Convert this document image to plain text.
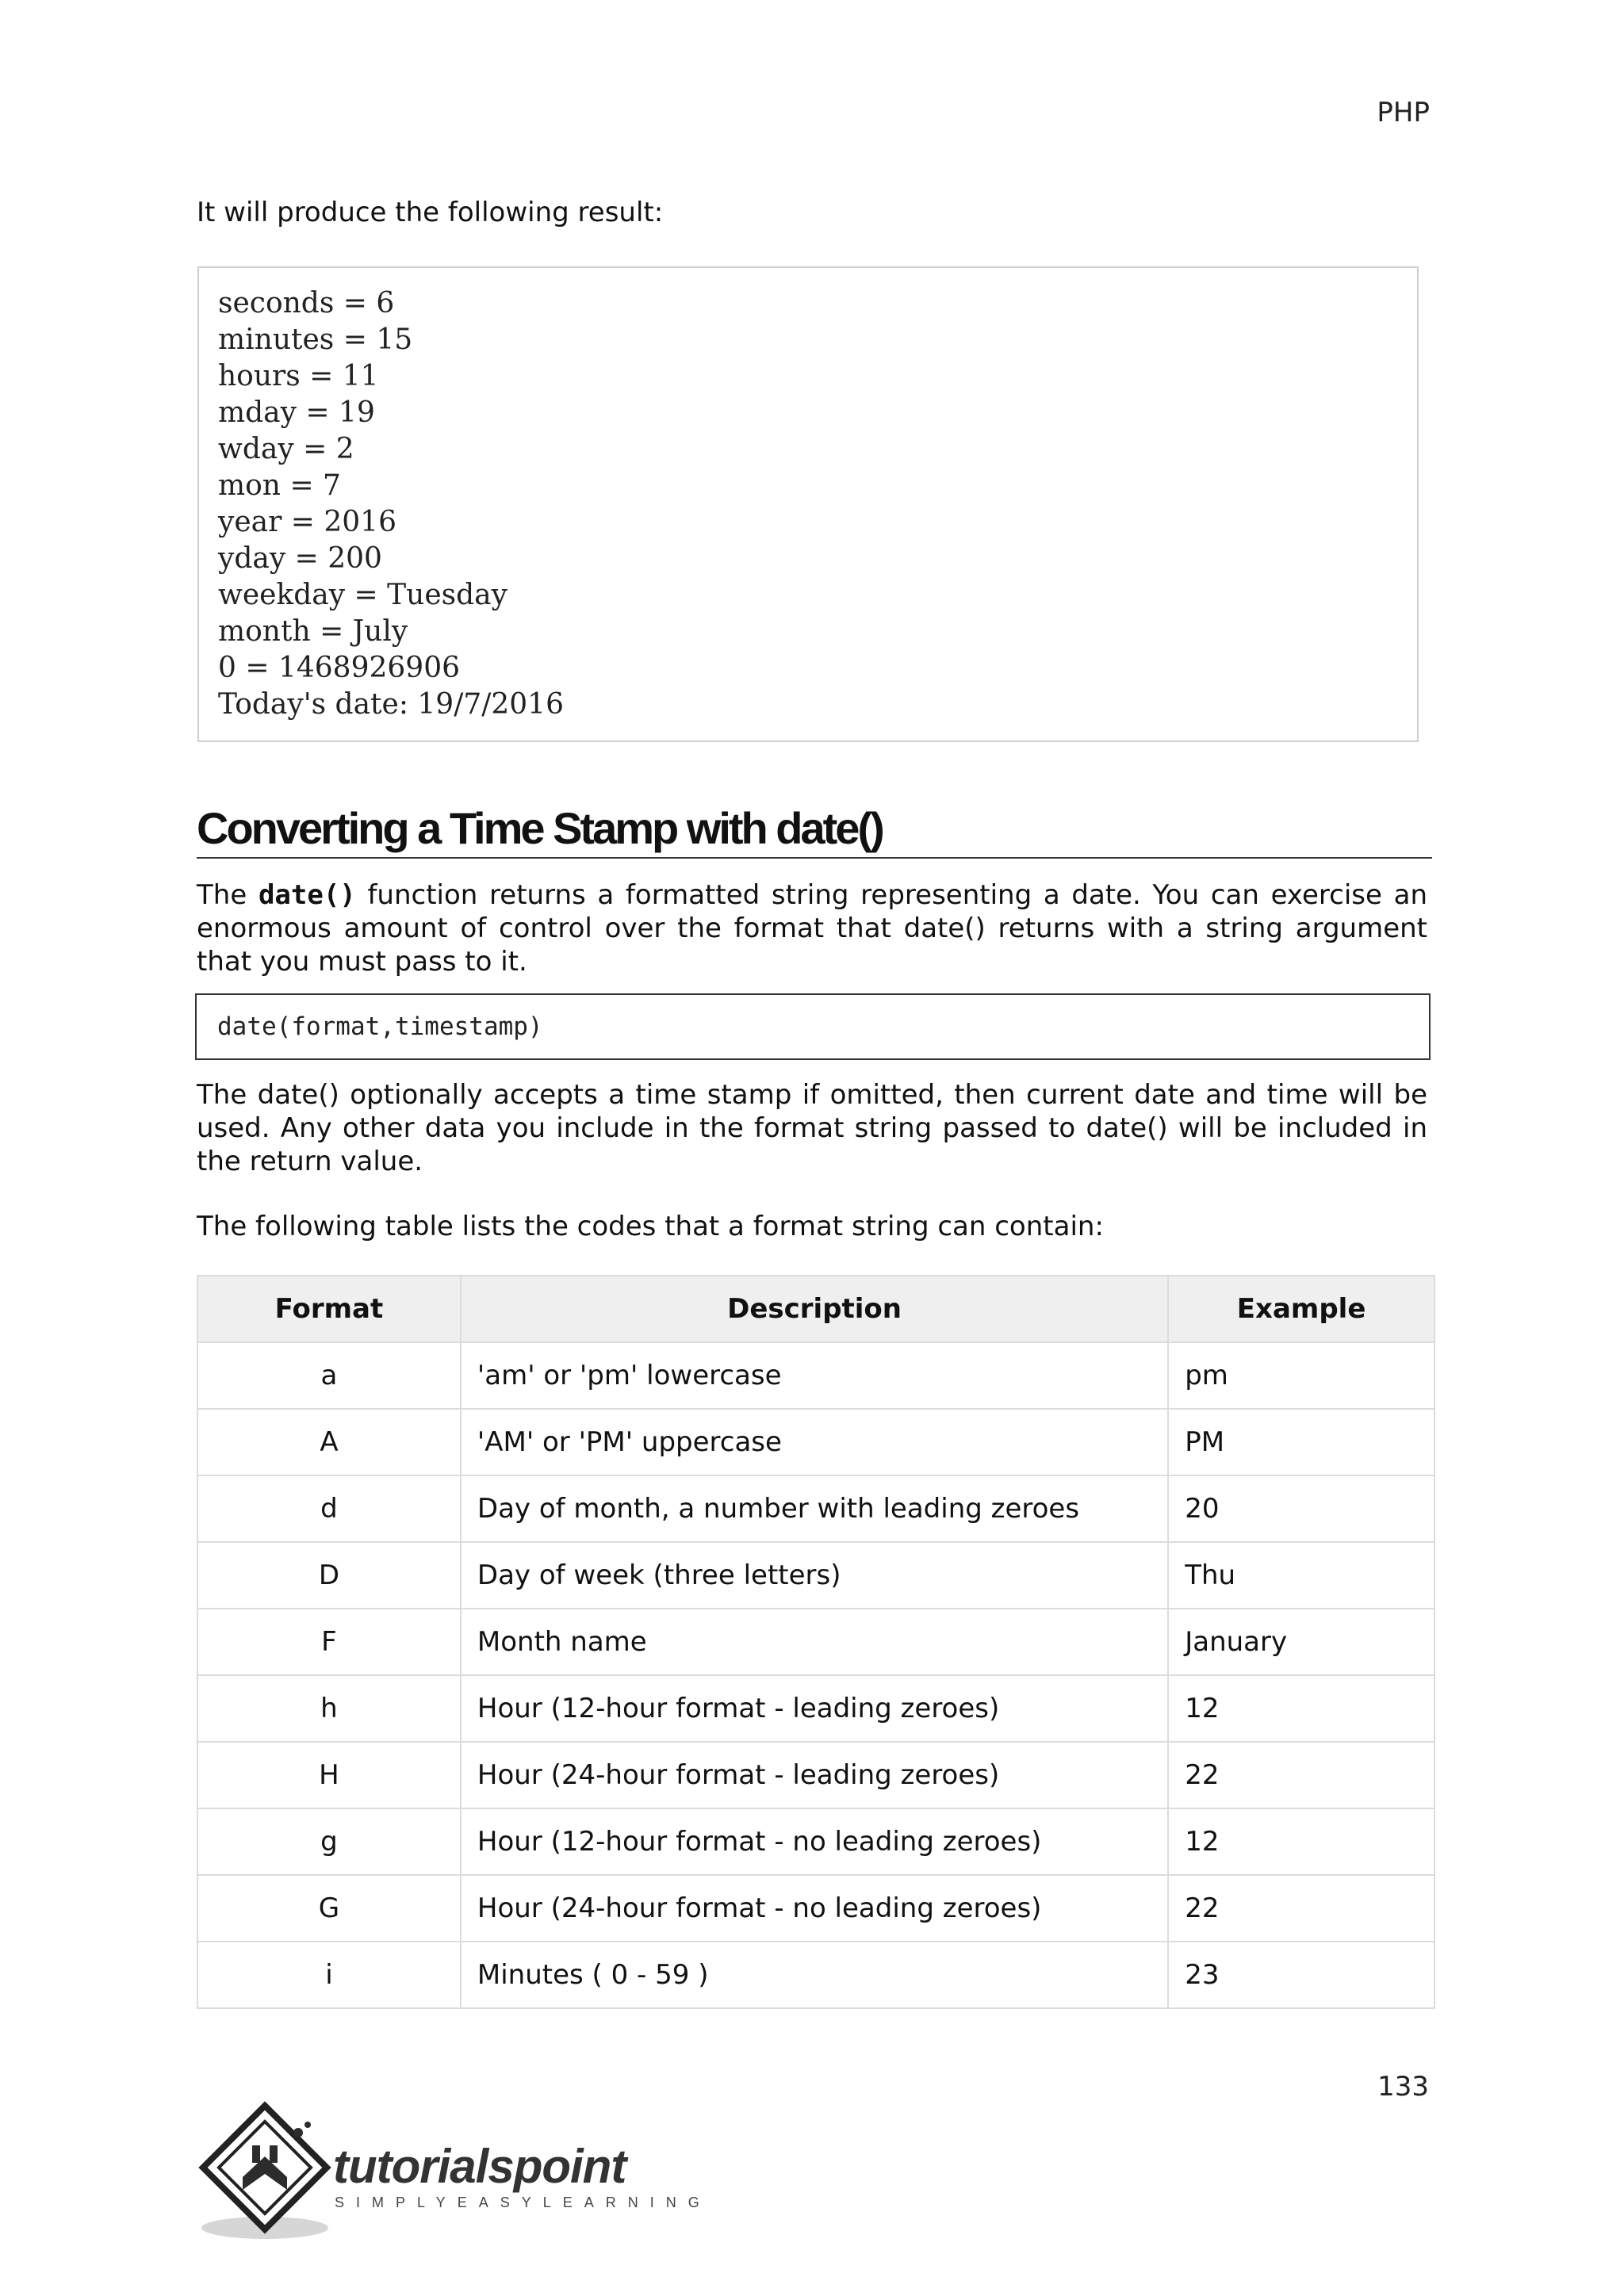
PHP
It will produce the following result:
seconds = 6
minutes = 15
hours = 11
mday = 19
wday = 2
mon = 7
year = 2016
yday = 200
weekday = Tuesday
month = July
0 = 1468926906
Today's date: 19/7/2016
Converting a Time Stamp with date()
The date() function returns a formatted string representing a date. You can exercise an enormous amount of control over the format that date() returns with a string argument that you must pass to it.
date(format,timestamp)
The date() optionally accepts a time stamp if omitted, then current date and time will be used. Any other data you include in the format string passed to date() will be included in the return value.
The following table lists the codes that a format string can contain:
Format	Description	Example
a	'am' or 'pm' lowercase	pm
A	'AM' or 'PM' uppercase	PM
d	Day of month, a number with leading zeroes	20
D	Day of week (three letters)	Thu
F	Month name	January
h	Hour (12-hour format - leading zeroes)	12
H	Hour (24-hour format - leading zeroes)	22
g	Hour (12-hour format - no leading zeroes)	12
G	Hour (24-hour format - no leading zeroes)	22
i	Minutes ( 0 - 59 )	23
133
tutorialspoint
SIMPLYEASYLEARNING
